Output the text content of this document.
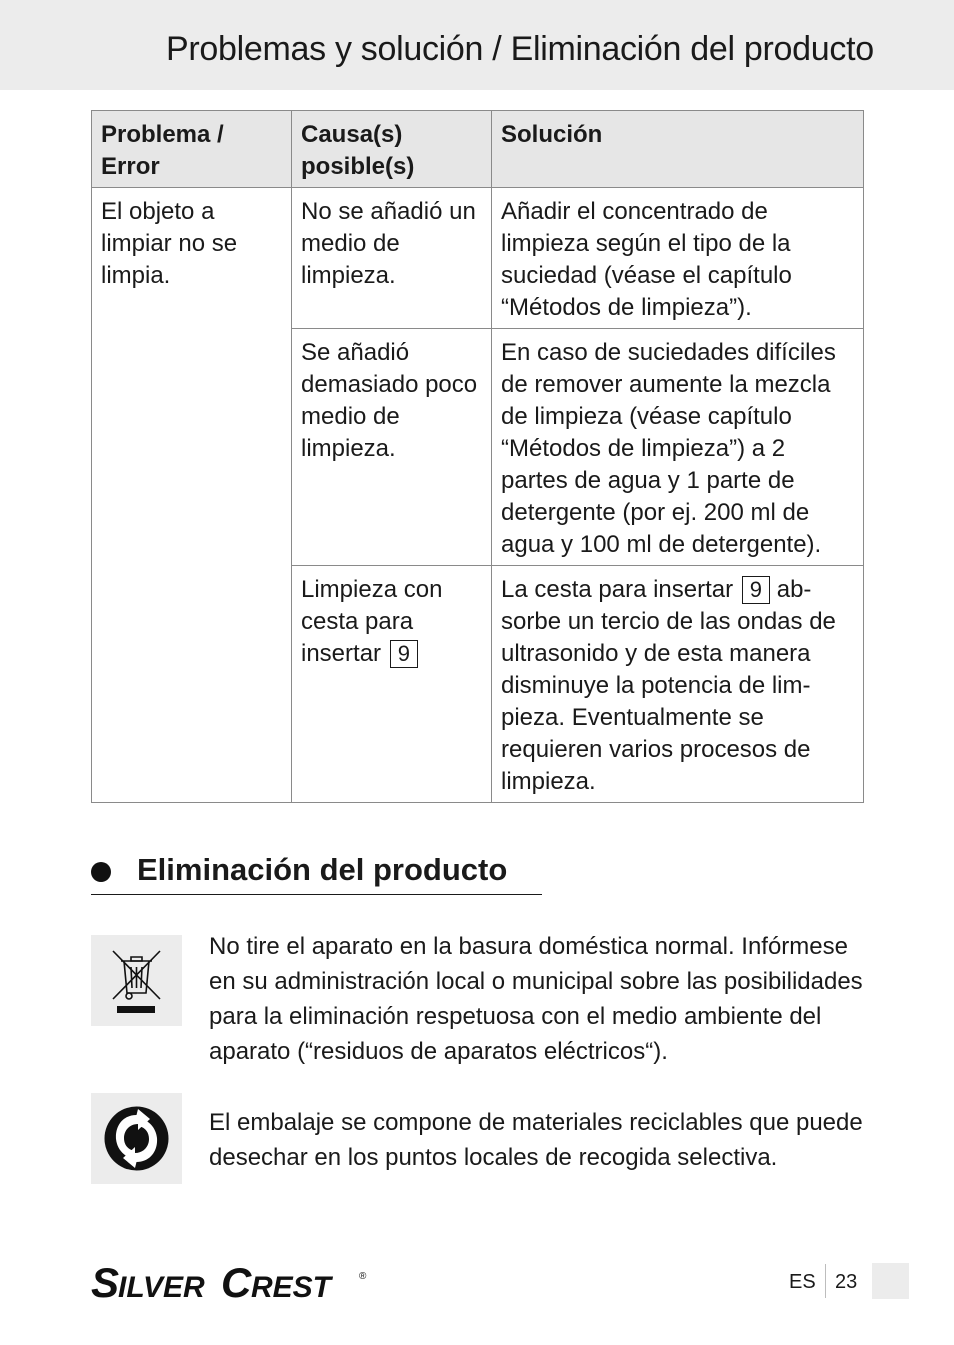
Problemas y solución / Eliminación del producto
Problema / Error	Causa(s) posible(s)	Solución
El objeto a limpiar no se limpia.	No se añadió un medio de limpieza.	Añadir el concentrado de limpieza según el tipo de la suciedad (véase el capítulo “Métodos de limpieza”).
	Se añadió demasiado poco medio de limpieza.	En caso de suciedades difíciles de remover aumente la mezcla de limpieza (véase capítulo “Métodos de limpieza”) a 2 partes de agua y 1 parte de detergente (por ej. 200 ml de agua y 100 ml de detergente).
	Limpieza con cesta para insertar 9	La cesta para insertar 9 ab-sorbe un tercio de las ondas de ultrasonido y de esta manera disminuye la potencia de lim-pieza. Eventualmente se requieren varios procesos de limpieza.
Eliminación del producto
No tire el aparato en la basura doméstica normal. Infórmese en su administración local o municipal sobre las posibilidades para la eliminación respetuosa con el medio ambiente del aparato (“residuos de aparatos eléctricos“).
El embalaje se compone de materiales reciclables que puede desechar en los puntos locales de recogida selectiva.
S
ILVER C REST	®	ES 23
